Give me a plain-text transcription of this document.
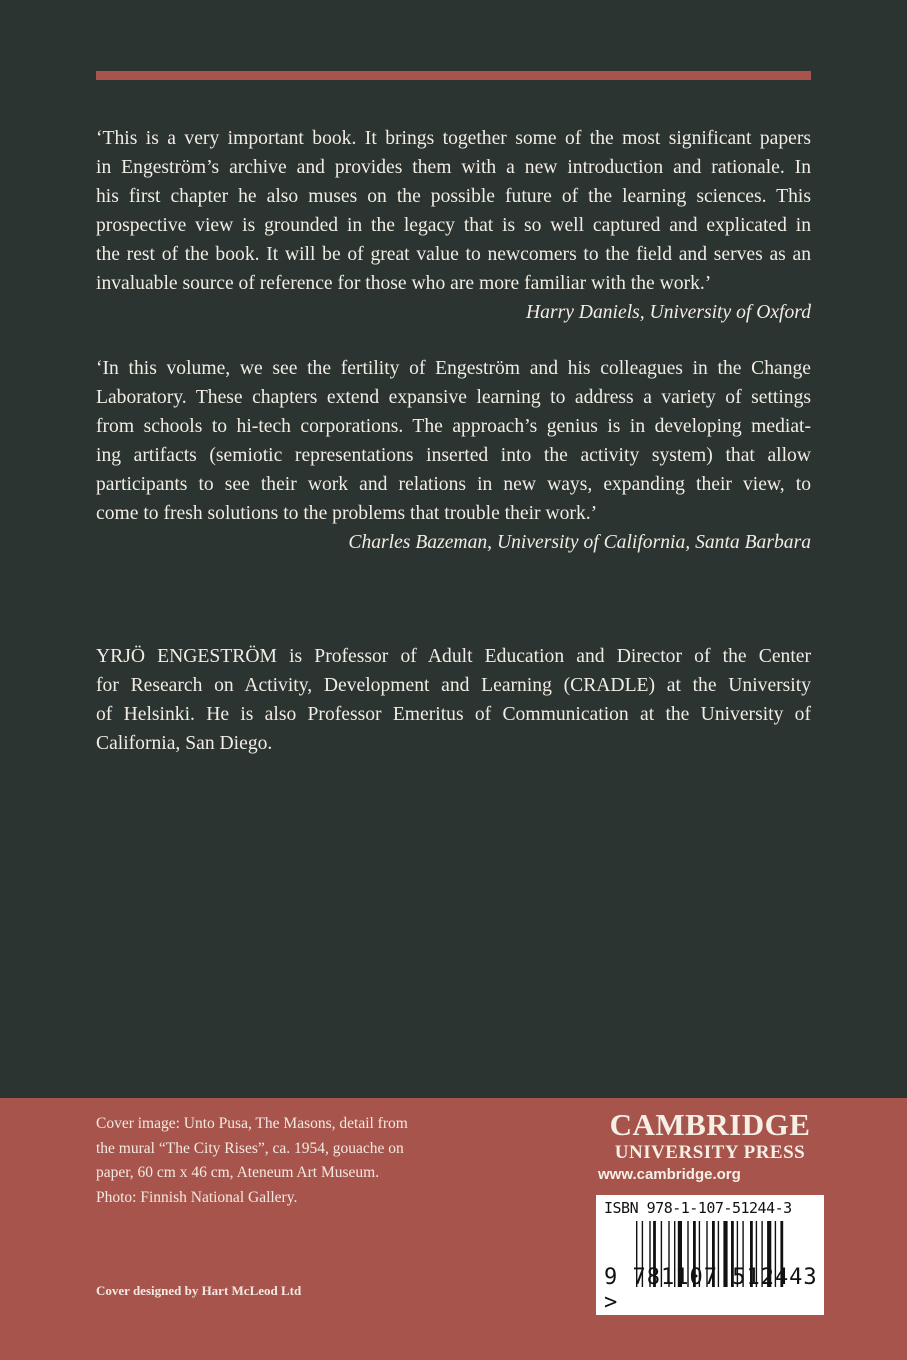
‘This is a very important book. It brings together some of the most significant papers
in Engeström’s archive and provides them with a new introduction and rationale. In
his first chapter he also muses on the possible future of the learning sciences. This
prospective view is grounded in the legacy that is so well captured and explicated in
the rest of the book. It will be of great value to newcomers to the field and serves as an
invaluable source of reference for those who are more familiar with the work.’
Harry Daniels, University of Oxford
‘In this volume, we see the fertility of Engeström and his colleagues in the Change
Laboratory. These chapters extend expansive learning to address a variety of settings
from schools to hi-tech corporations. The approach’s genius is in developing mediat-
ing artifacts (semiotic representations inserted into the activity system) that allow
participants to see their work and relations in new ways, expanding their view, to
come to fresh solutions to the problems that trouble their work.’
Charles Bazeman, University of California, Santa Barbara
YRJÖ ENGESTRÖM is Professor of Adult Education and Director of the Center
for Research on Activity, Development and Learning (CRADLE) at the University
of Helsinki. He is also Professor Emeritus of Communication at the University of
California, San Diego.
Cover image: Unto Pusa, The Masons, detail from
the mural “The City Rises”, ca. 1954, gouache on
paper, 60 cm x 46 cm, Ateneum Art Museum.
Photo: Finnish National Gallery.
Cover designed by Hart McLeod Ltd
CAMBRIDGE
UNIVERSITY PRESS
www.cambridge.org
ISBN 978-1-107-51244-3
9 781107 512443 >
